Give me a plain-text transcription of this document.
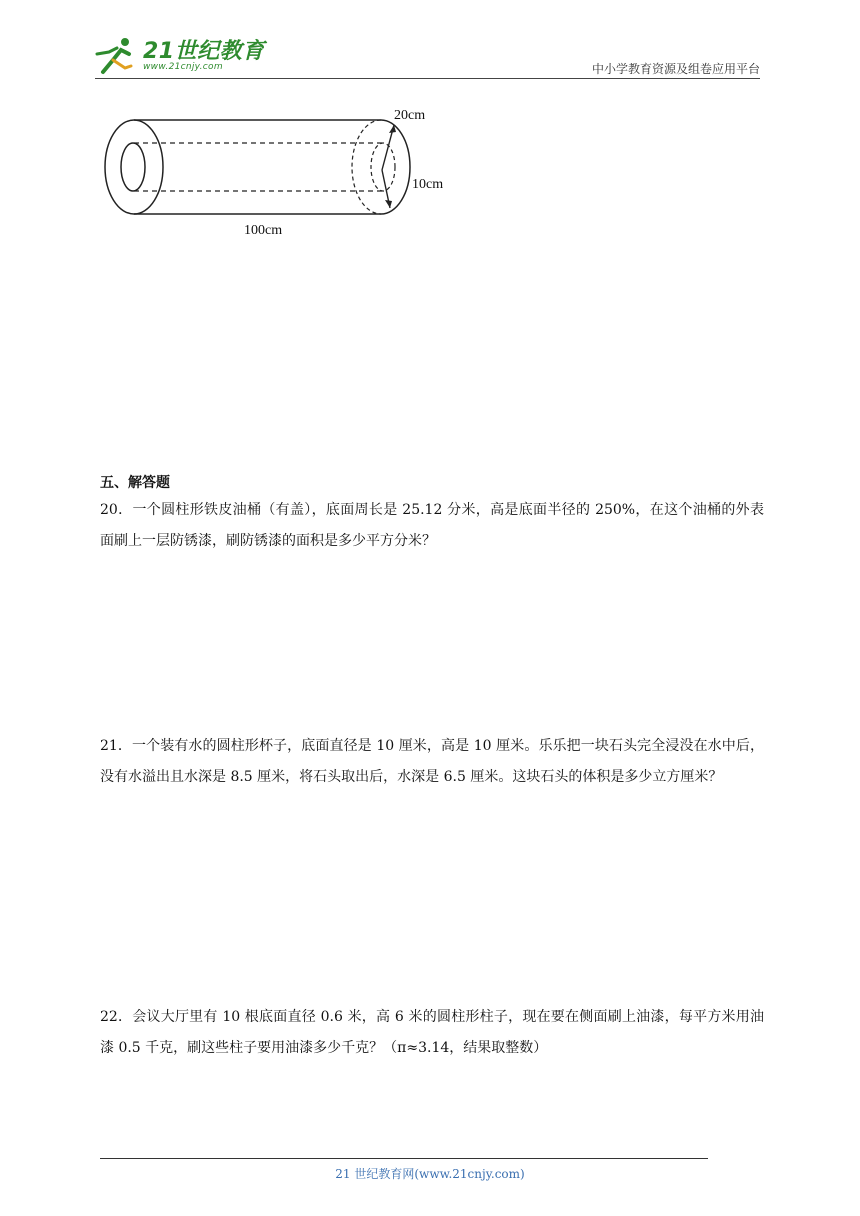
21世纪教育
www.21cnjy.com	中小学教育资源及组卷应用平台
20cm
10cm
100cm
五、解答题
20．一个圆柱形铁皮油桶（有盖），底面周长是 25.12 分米，高是底面半径的 250%，在这个油桶的外表面刷上一层防锈漆，刷防锈漆的面积是多少平方分米？
21．一个装有水的圆柱形杯子，底面直径是 10 厘米，高是 10 厘米。乐乐把一块石头完全浸没在水中后，没有水溢出且水深是 8.5 厘米，将石头取出后，水深是 6.5 厘米。这块石头的体积是多少立方厘米？
22．会议大厅里有 10 根底面直径 0.6 米，高 6 米的圆柱形柱子，现在要在侧面刷上油漆，每平方米用油漆 0.5 千克，刷这些柱子要用油漆多少千克？（π≈3.14，结果取整数）
21 世纪教育网(www.21cnjy.com)
